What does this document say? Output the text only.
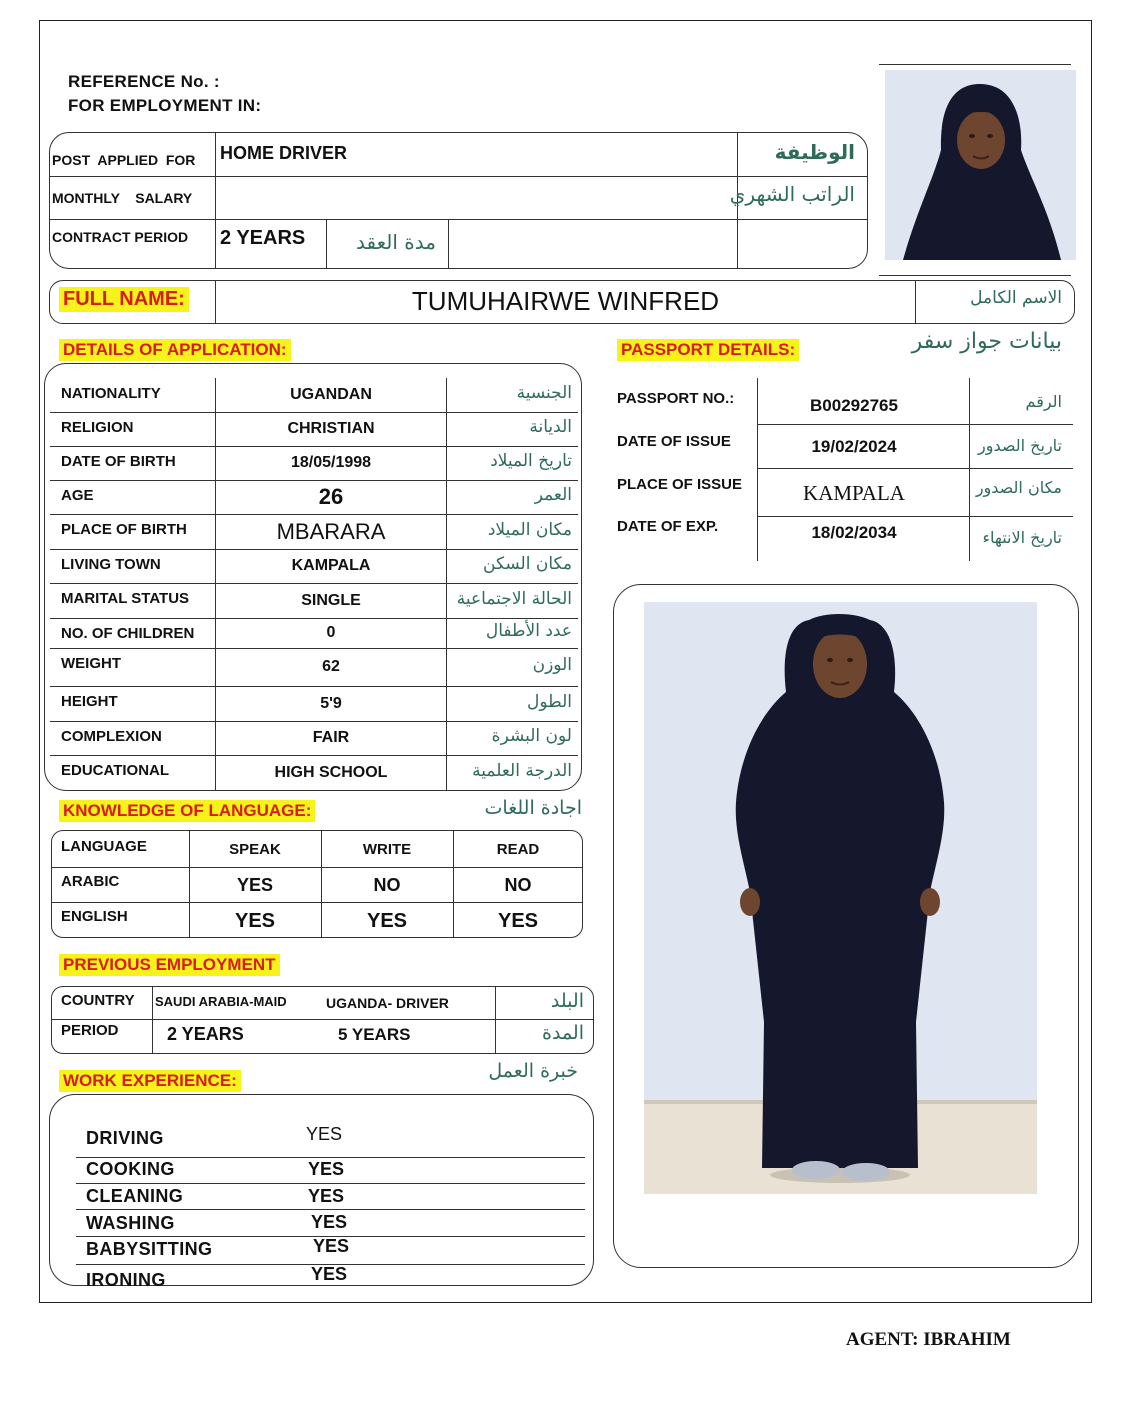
REFERENCE No. :
FOR EMPLOYMENT IN:
POST  APPLIED  FOR HOME DRIVER	الوظيفة
MONTHLY    SALARY	الراتب الشهري
CONTRACT PERIOD 2 YEARS	مدة العقد
FULL NAME:	TUMUHAIRWE WINFRED	الاسم الكامل
DETAILS OF APPLICATION:
NATIONALITY	UGANDAN	الجنسية
RELIGION	CHRISTIAN	الديانة
DATE OF BIRTH	18/05/1998	تاريخ الميلاد
AGE	26	العمر
PLACE OF BIRTH	MBARARA	مكان الميلاد
LIVING TOWN	KAMPALA	مكان السكن
MARITAL STATUS	SINGLE	الحالة الاجتماعية
NO. OF CHILDREN	0	عدد الأطفال
WEIGHT	62	الوزن
HEIGHT	5'9	الطول
COMPLEXION	FAIR	لون البشرة
EDUCATIONAL	HIGH SCHOOL	الدرجة العلمية
PASSPORT DETAILS:	بيانات جواز سفر
PASSPORT NO.:	B00292765	الرقم
DATE OF ISSUE	19/02/2024	تاريخ الصدور
PLACE OF ISSUE	KAMPALA	مكان الصدور
DATE OF EXP.	18/02/2034	تاريخ الانتهاء
KNOWLEDGE OF LANGUAGE:	اجادة اللغات
LANGUAGE	SPEAK	WRITE	READ
ARABIC	YES	NO	NO
ENGLISH	YES	YES	YES
PREVIOUS EMPLOYMENT
COUNTRY SAUDI ARABIA-MAID	UGANDA- DRIVER	البلد
PERIOD	2 YEARS	5 YEARS	المدة
WORK EXPERIENCE:	خبرة العمل
DRIVING	YES
COOKING	YES
CLEANING	YES
WASHING	YES
BABYSITTING	YES
IRONING	YES
AGENT: IBRAHIM
